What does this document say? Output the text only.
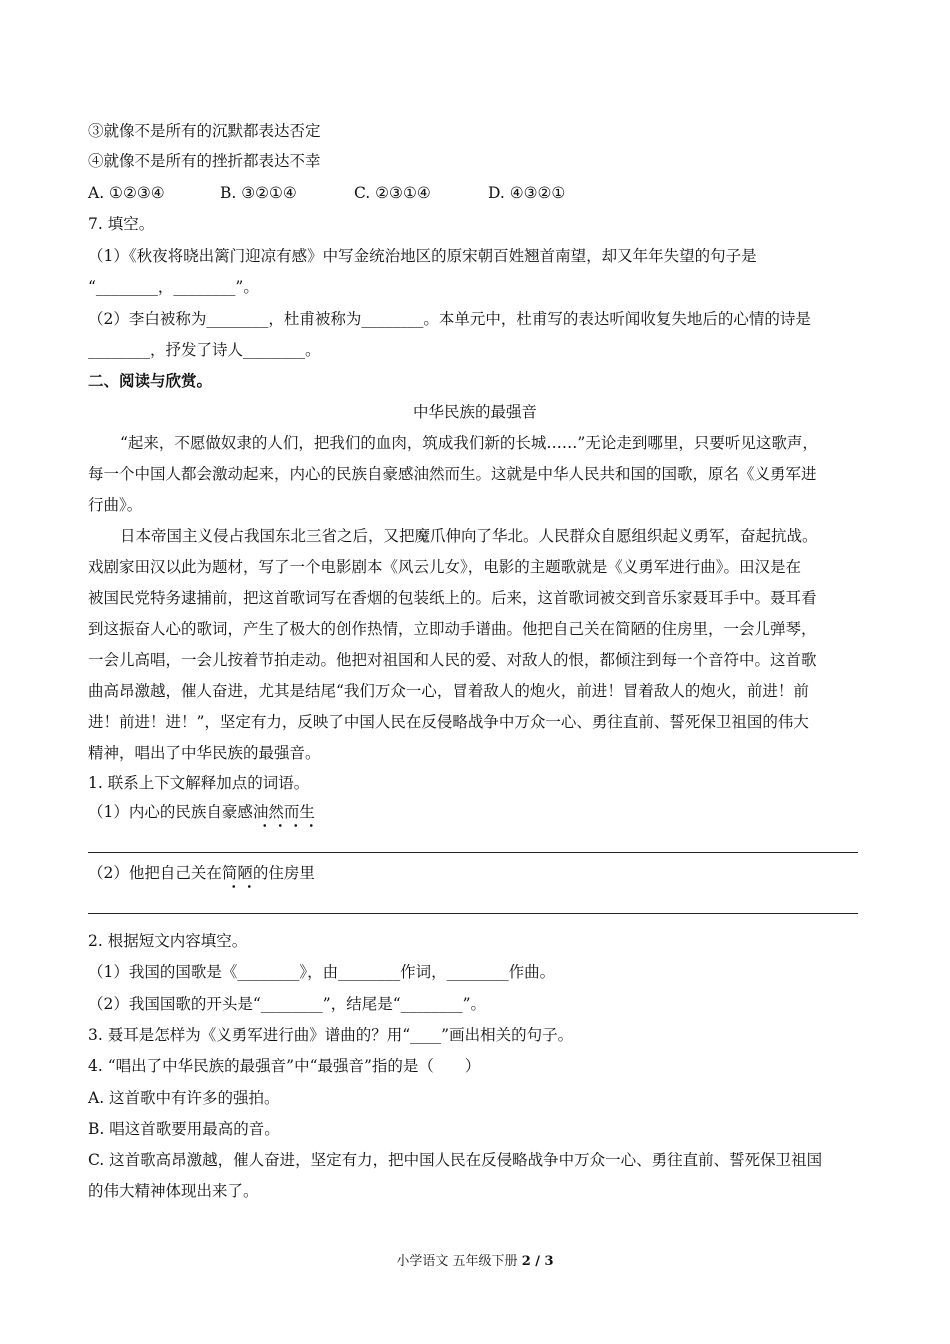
③就像不是所有的沉默都表达否定
④就像不是所有的挫折都表达不幸
A. ①②③④	B. ③②①④	C. ②③①④	D. ④③②①
7. 填空。
（1）《秋夜将晓出篱门迎凉有感》中写金统治地区的原宋朝百姓翘首南望，却又年年失望的句子是
“________，________”。
（2）李白被称为________，杜甫被称为________。本单元中，杜甫写的表达听闻收复失地后的心情的诗是
________，抒发了诗人________。
二、阅读与欣赏。
中华民族的最强音
“起来，不愿做奴隶的人们，把我们的血肉，筑成我们新的长城……”无论走到哪里，只要听见这歌声，
每一个中国人都会激动起来，内心的民族自豪感油然而生。这就是中华人民共和国的国歌，原名《义勇军进
行曲》。
日本帝国主义侵占我国东北三省之后，又把魔爪伸向了华北。人民群众自愿组织起义勇军，奋起抗战。
戏剧家田汉以此为题材，写了一个电影剧本《风云儿女》，电影的主题歌就是《义勇军进行曲》。田汉是在
被国民党特务逮捕前，把这首歌词写在香烟的包装纸上的。后来，这首歌词被交到音乐家聂耳手中。聂耳看
到这振奋人心的歌词，产生了极大的创作热情，立即动手谱曲。他把自己关在简陋的住房里，一会儿弹琴，
一会儿高唱，一会儿按着节拍走动。他把对祖国和人民的爱、对敌人的恨，都倾注到每一个音符中。这首歌
曲高昂激越，催人奋进，尤其是结尾“我们万众一心，冒着敌人的炮火，前进！冒着敌人的炮火，前进！前
进！前进！进！”，坚定有力，反映了中国人民在反侵略战争中万众一心、勇往直前、誓死保卫祖国的伟大
精神，唱出了中华民族的最强音。
1. 联系上下文解释加点的词语。
（1）内心的民族自豪感油然而生
（2）他把自己关在简陋的住房里
2. 根据短文内容填空。
（1）我国的国歌是《________》，由________作词，________作曲。
（2）我国国歌的开头是“________”，结尾是“________”。
3. 聂耳是怎样为《义勇军进行曲》谱曲的？用“____”画出相关的句子。
4. “唱出了中华民族的最强音”中“最强音”指的是（　　）
A. 这首歌中有许多的强拍。
B. 唱这首歌要用最高的音。
C. 这首歌高昂激越，催人奋进，坚定有力，把中国人民在反侵略战争中万众一心、勇往直前、誓死保卫祖国
的伟大精神体现出来了。
小学语文 五年级下册 2 / 3
